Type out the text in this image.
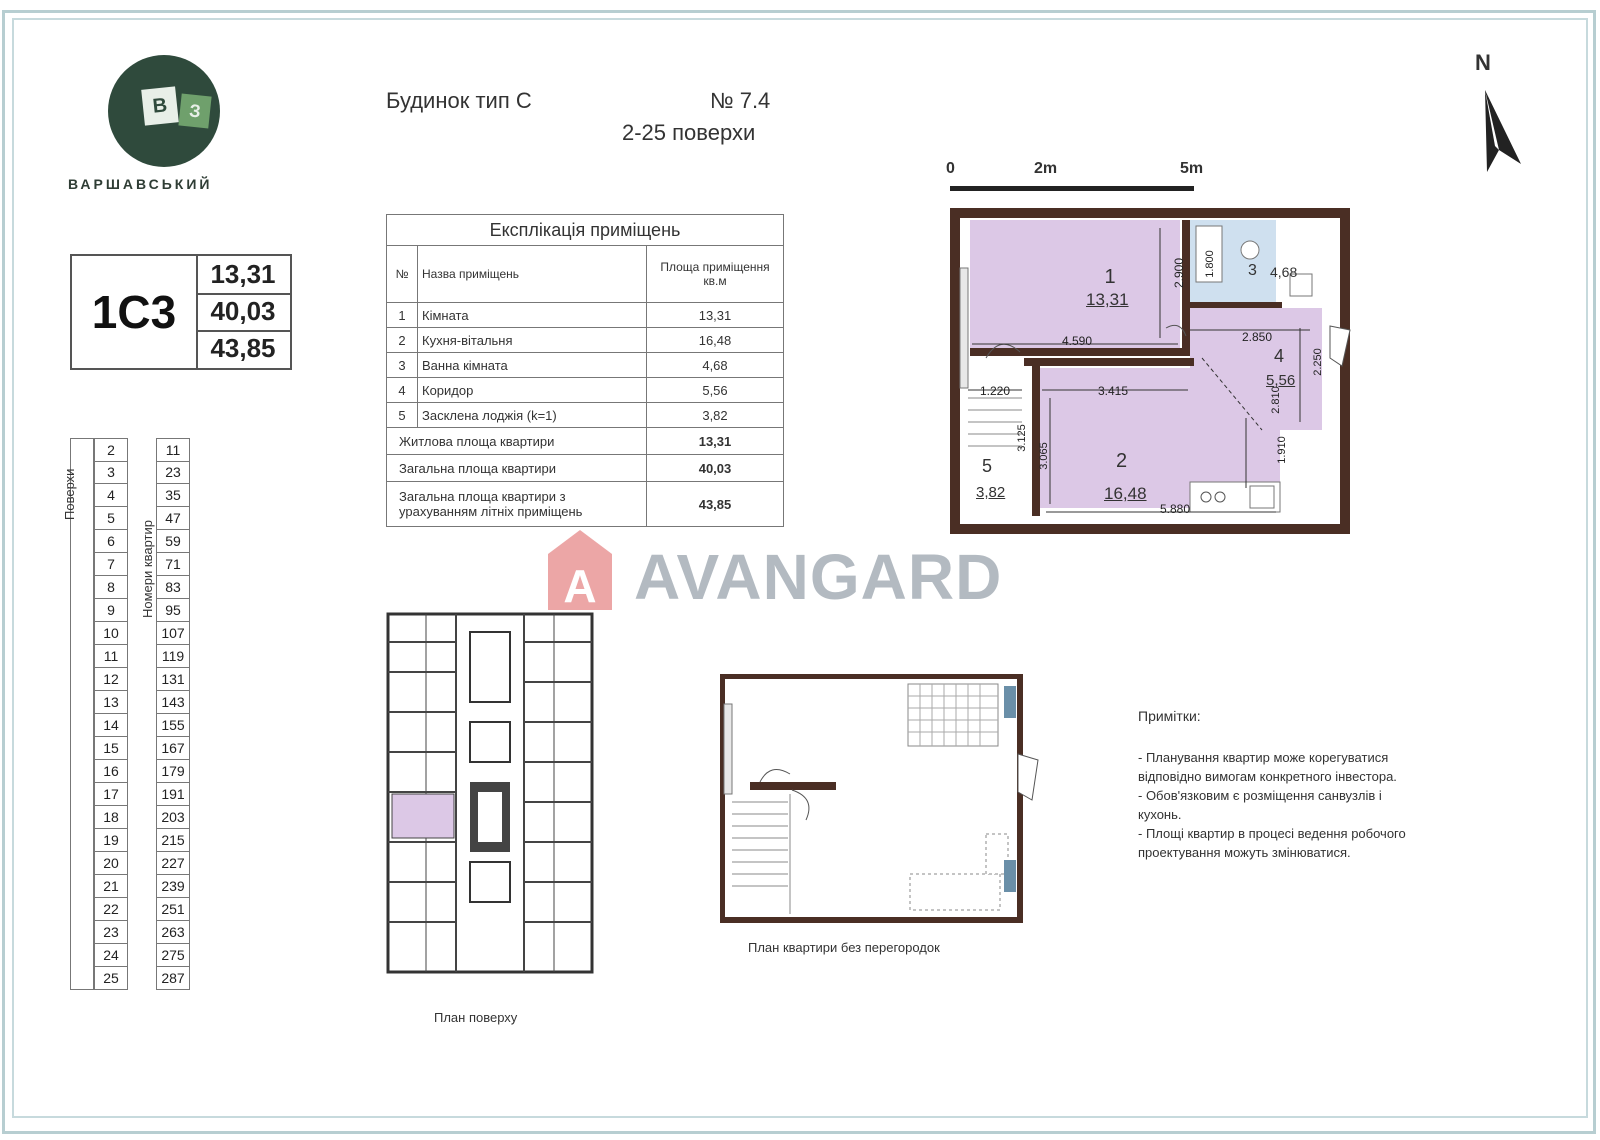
В	З
ВАРШАВСЬКИЙ
Будинок тип С	№ 7.4
2-25 поверхи
1С3
13,31
40,03
43,85
Експлікація приміщень		
№	Назва приміщень	Площа приміщення кв.м
1	Кімната	13,31
2	Кухня-вітальня	16,48
3	Ванна кімната	4,68
4	Коридор	5,56
5	Засклена лоджія (k=1)	3,82
Житлова площа квартири		13,31
Загальна площа квартири		40,03
Загальна площа квартири з урахуванням літніх приміщень		43,85
Поверхи
Номери квартир
2	11
3	23
4	35
5	47
6	59
7	71
8	83
9	95
10	107
11	119
12	131
13	143
14	155
15	167
16	179
17	191
18	203
19	215
20	227
21	239
22	251
23	263
24	275
25	287
0	2m	5m
N
1
13,31
3 4,68
4
5,56
2
16,48
5
3,82
4.590
2.900 1.800
2.850
2.810
2.250
3.415
1.220
3.125
3.065	1.910
5.880
A AVANGARD
План поверху
План квартири без перегородок
Примітки:
- Планування квартир може корегуватися відповідно вимогам конкретного інвестора.
- Обов'язковим є розміщення санвузлів і кухонь.
- Площі квартир в процесі ведення робочого проектування можуть змінюватися.
